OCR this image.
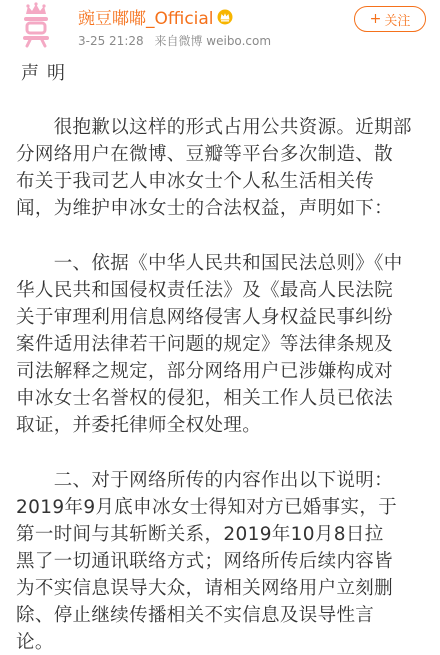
豌豆嘟嘟_Official
3-25 21:28 来自微博 weibo.com
+ 关注
声明
　　很抱歉以这样的形式占用公共资源。近期部
分网络用户在微博、豆瓣等平台多次制造、散
布关于我司艺人申冰女士个人私生活相关传
闻，为维护申冰女士的合法权益，声明如下：
　　一、依据《中华人民共和国民法总则》《中
华人民共和国侵权责任法》及《最高人民法院
关于审理利用信息网络侵害人身权益民事纠纷
案件适用法律若干问题的规定》等法律条规及
司法解释之规定，部分网络用户已涉嫌构成对
申冰女士名誉权的侵犯，相关工作人员已依法
取证，并委托律师全权处理。
　　二、对于网络所传的内容作出以下说明：
2019年9月底申冰女士得知对方已婚事实，于
第一时间与其斩断关系，2019年10月8日拉
黑了一切通讯联络方式；网络所传后续内容皆
为不实信息误导大众，请相关网络用户立刻删
除、停止继续传播相关不实信息及误导性言
论。
